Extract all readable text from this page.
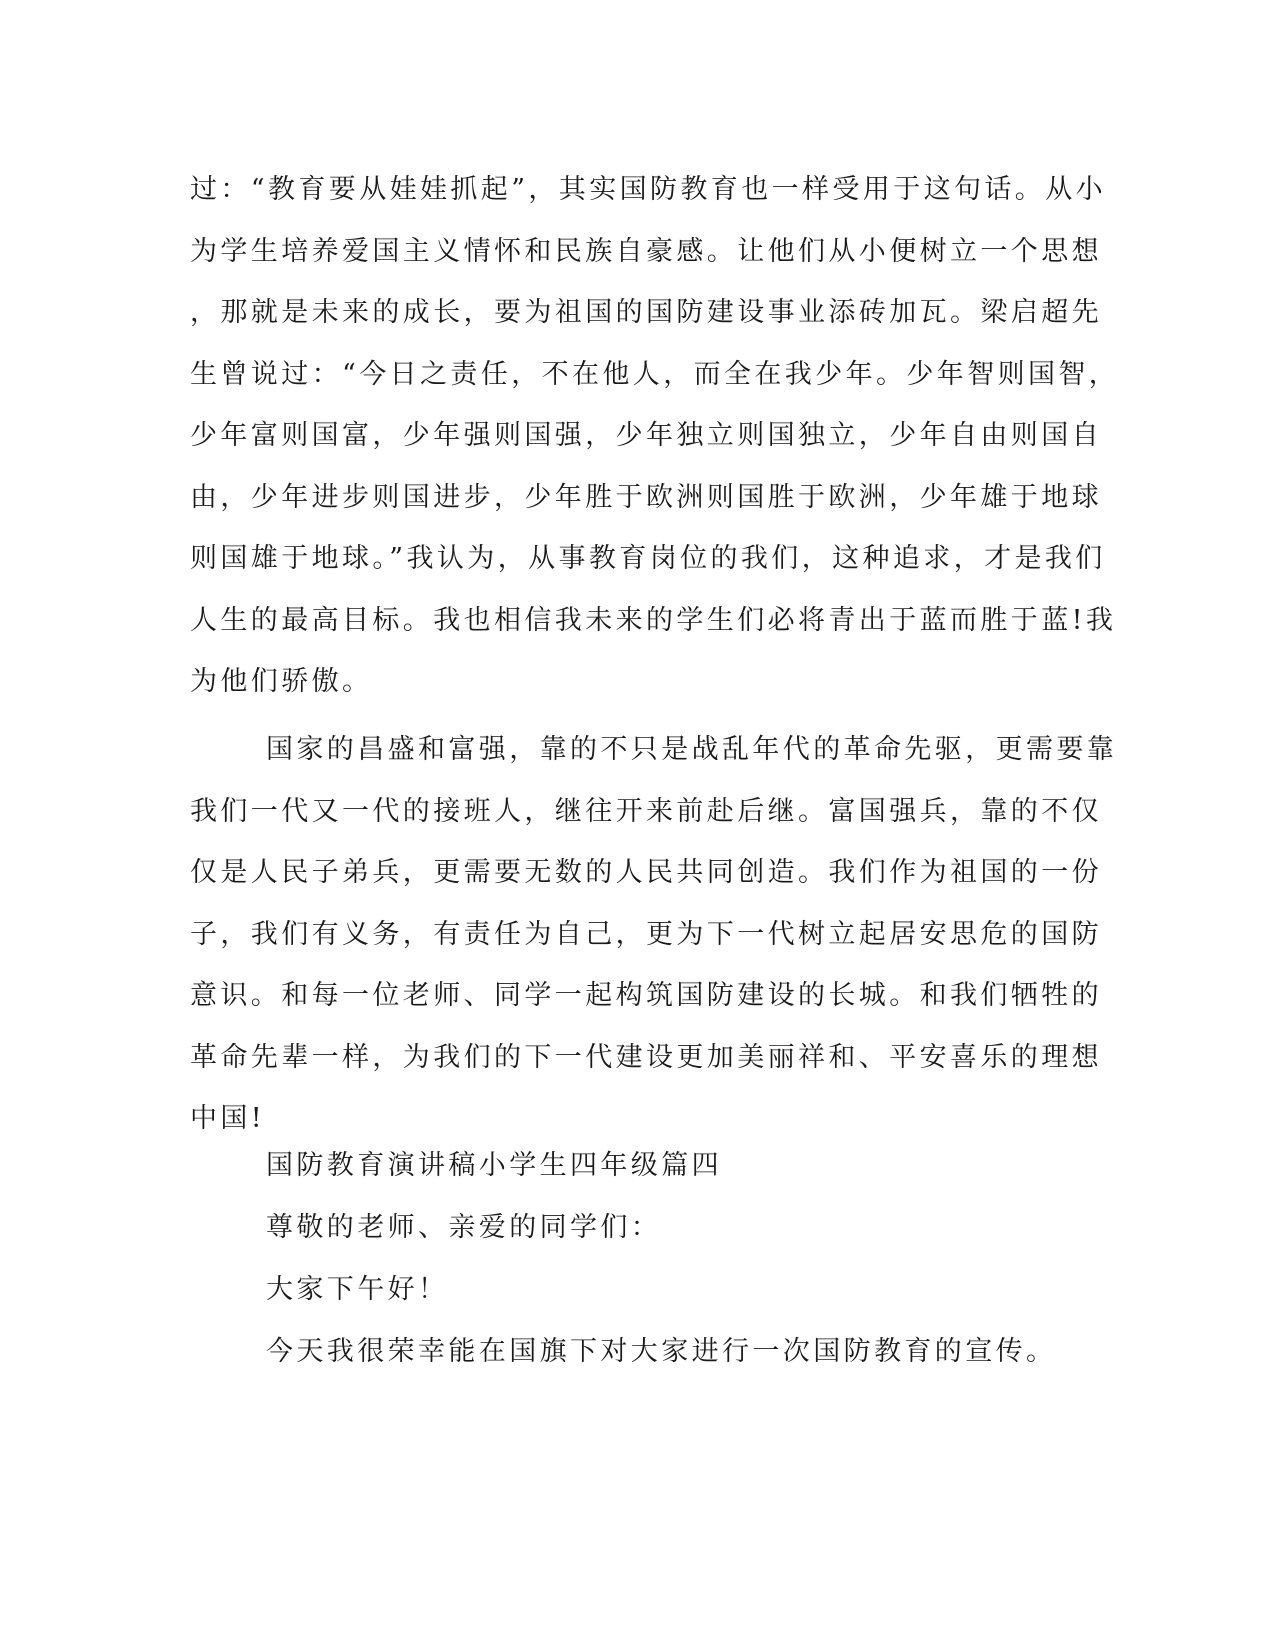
过：“教育要从娃娃抓起”，其实国防教育也一样受用于这句话。从小
为学生培养爱国主义情怀和民族自豪感。让他们从小便树立一个思想
，那就是未来的成长，要为祖国的国防建设事业添砖加瓦。梁启超先
生曾说过：“今日之责任，不在他人，而全在我少年。少年智则国智，
少年富则国富，少年强则国强，少年独立则国独立，少年自由则国自
由，少年进步则国进步，少年胜于欧洲则国胜于欧洲，少年雄于地球
则国雄于地球。”我认为，从事教育岗位的我们，这种追求，才是我们
人生的最高目标。我也相信我未来的学生们必将青出于蓝而胜于蓝!我
为他们骄傲。
国家的昌盛和富强，靠的不只是战乱年代的革命先驱，更需要靠
我们一代又一代的接班人，继往开来前赴后继。富国强兵，靠的不仅
仅是人民子弟兵，更需要无数的人民共同创造。我们作为祖国的一份
子，我们有义务，有责任为自己，更为下一代树立起居安思危的国防
意识。和每一位老师、同学一起构筑国防建设的长城。和我们牺牲的
革命先辈一样，为我们的下一代建设更加美丽祥和、平安喜乐的理想
中国!
国防教育演讲稿小学生四年级篇四
尊敬的老师、亲爱的同学们：
大家下午好！
今天我很荣幸能在国旗下对大家进行一次国防教育的宣传。
